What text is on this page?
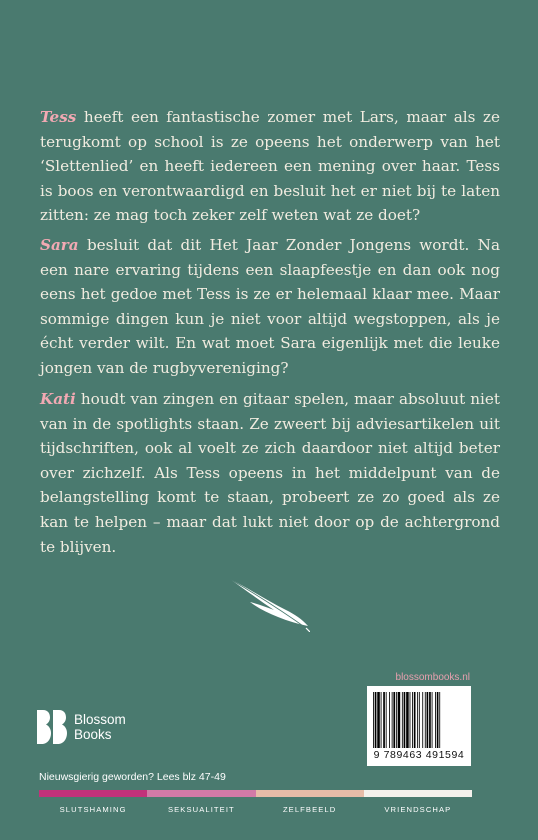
Tess heeft een fantastische zomer met Lars, maar als ze terugkomt op school is ze opeens het onderwerp van het ‘Slettenlied’ en heeft iedereen een mening over haar. Tess is boos en verontwaardigd en besluit het er niet bij te laten zitten: ze mag toch zeker zelf weten wat ze doet?

Sara besluit dat dit Het Jaar Zonder Jongens wordt. Na een nare ervaring tijdens een slaapfeestje en dan ook nog eens het gedoe met Tess is ze er helemaal klaar mee. Maar sommige dingen kun je niet voor altijd wegstoppen, als je écht verder wilt. En wat moet Sara eigenlijk met die leuke jongen van de rugbyvereniging?

Kati houdt van zingen en gitaar spelen, maar absoluut niet van in de spotlights staan. Ze zweert bij adviesartikelen uit tijdschriften, ook al voelt ze zich daardoor niet altijd beter over zichzelf. Als Tess opeens in het middelpunt van de belangstelling komt te staan, probeert ze zo goed als ze kan te helpen – maar dat lukt niet door op de achtergrond te blijven.

blossombooks.nl
9 789463 491594
Blossom
Books
Nieuwsgierig geworden? Lees blz 47-49
SLUTSHAMING	SEKSUALITEIT	ZELFBEELD	VRIENDSCHAP
